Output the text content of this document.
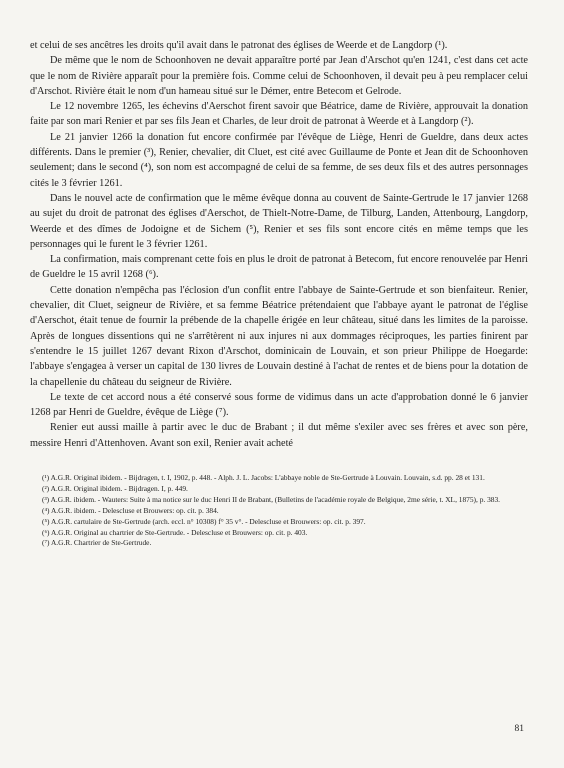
et celui de ses ancêtres les droits qu'il avait dans le patronat des églises de Weerde et de Langdorp (¹).

De même que le nom de Schoonhoven ne devait apparaître porté par Jean d'Arschot qu'en 1241, c'est dans cet acte que le nom de Rivière apparaît pour la première fois. Comme celui de Schoonhoven, il devait peu à peu remplacer celui d'Arschot. Rivière était le nom d'un hameau situé sur le Démer, entre Betecom et Gelrode.

Le 12 novembre 1265, les échevins d'Aerschot firent savoir que Béatrice, dame de Rivière, approuvait la donation faite par son mari Renier et par ses fils Jean et Charles, de leur droit de patronat à Weerde et à Langdorp (²).

Le 21 janvier 1266 la donation fut encore confirmée par l'évêque de Liège, Henri de Gueldre, dans deux actes différents. Dans le premier (³), Renier, chevalier, dit Cluet, est cité avec Guillaume de Ponte et Jean dit de Schoonhoven seulement; dans le second (⁴), son nom est accompagné de celui de sa femme, de ses deux fils et des autres personnages cités le 3 février 1261.

Dans le nouvel acte de confirmation que le même évêque donna au couvent de Sainte-Gertrude le 17 janvier 1268 au sujet du droit de patronat des églises d'Aerschot, de Thielt-Notre-Dame, de Tilburg, Landen, Attenbourg, Langdorp, Weerde et des dîmes de Jodoigne et de Sichem (⁵), Renier et ses fils sont encore cités en même temps que les personnages qui le furent le 3 février 1261.

La confirmation, mais comprenant cette fois en plus le droit de patronat à Betecom, fut encore renouvelée par Henri de Gueldre le 15 avril 1268 (⁶).

Cette donation n'empêcha pas l'éclosion d'un conflit entre l'abbaye de Sainte-Gertrude et son bienfaiteur. Renier, chevalier, dit Cluet, seigneur de Rivière, et sa femme Béatrice prétendaient que l'abbaye ayant le patronat de l'église d'Aerschot, était tenue de fournir la prébende de la chapelle érigée en leur château, situé dans les limites de la paroisse. Après de longues dissentions qui ne s'arrêtèrent ni aux injures ni aux dommages réciproques, les parties finirent par s'entendre le 15 juillet 1267 devant Rixon d'Arschot, dominicain de Louvain, et son prieur Philippe de Hoegarde: l'abbaye s'engagea à verser un capital de 130 livres de Louvain destiné à l'achat de rentes et de biens pour la dotation de la chapellenie du château du seigneur de Rivière.

Le texte de cet accord nous a été conservé sous forme de vidimus dans un acte d'approbation donné le 6 janvier 1268 par Henri de Gueldre, évêque de Liège (⁷).

Renier eut aussi maille à partir avec le duc de Brabant ; il dut même s'exiler avec ses frères et avec son père, messire Henri d'Attenhoven. Avant son exil, Renier avait acheté

(¹) A.G.R. Original ibidem. - Bijdragen, t. I, 1902, p. 448. - Alph. J. L. Jacobs: L'abbaye noble de Ste-Gertrude à Louvain. Louvain, s.d. pp. 28 et 131.
(²) A.G.R. Original ibidem. - Bijdragen. I, p. 449.
(³) A.G.R. ibidem. - Wauters: Suite à ma notice sur le duc Henri II de Brabant, (Bulletins de l'académie royale de Belgique, 2me série, t. XL, 1875), p. 383.
(⁴) A.G.R. ibidem. - Delescluse et Brouwers: op. cit. p. 384.
(⁵) A.G.R. cartulaire de Ste-Gertrude (arch. eccl. n° 10308) f° 35 v°. - Delescluse et Brouwers: op. cit. p. 397.
(⁶) A.G.R. Original au chartrier de Ste-Gertrude. - Delescluse et Brouwers: op. cit. p. 403.
(⁷) A.G.R. Chartrier de Ste-Gertrude.
81
